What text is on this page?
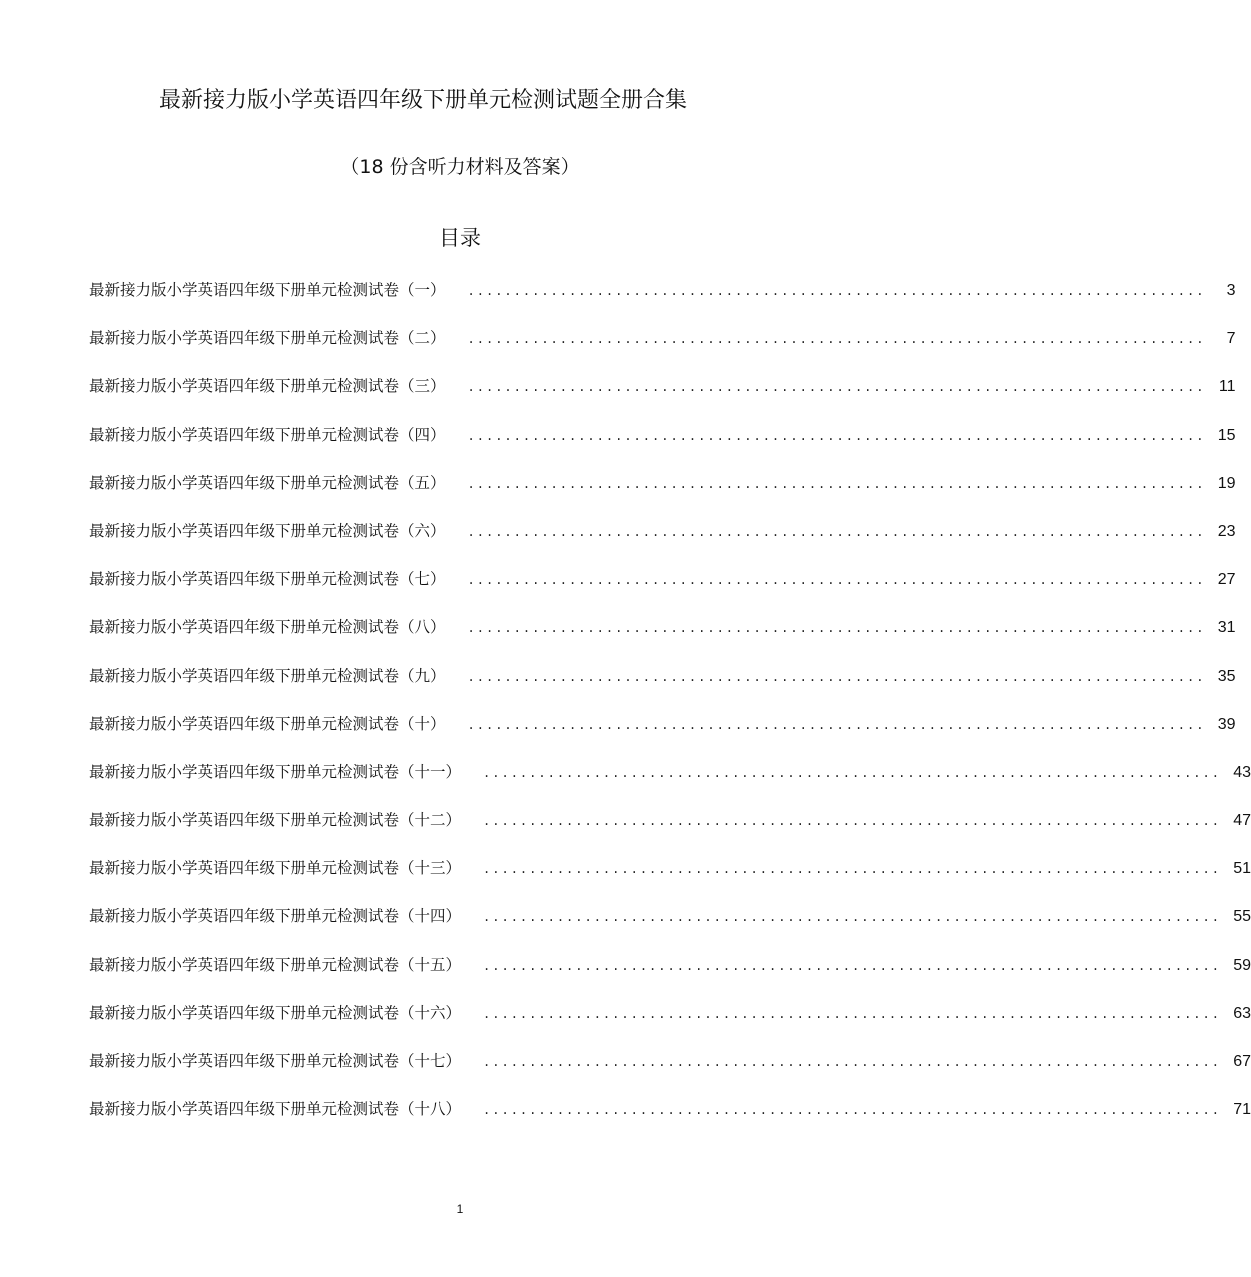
最新接力版小学英语四年级下册单元检测试题全册合集
（18 份含听力材料及答案）
目录
最新接力版小学英语四年级下册单元检测试卷（一） ................................................................................	3
最新接力版小学英语四年级下册单元检测试卷（二） ................................................................................	7
最新接力版小学英语四年级下册单元检测试卷（三） ................................................................................ 11
最新接力版小学英语四年级下册单元检测试卷（四） ................................................................................ 15
最新接力版小学英语四年级下册单元检测试卷（五） ................................................................................ 19
最新接力版小学英语四年级下册单元检测试卷（六） ................................................................................ 23
最新接力版小学英语四年级下册单元检测试卷（七） ................................................................................ 27
最新接力版小学英语四年级下册单元检测试卷（八） ................................................................................ 31
最新接力版小学英语四年级下册单元检测试卷（九） ................................................................................ 35
最新接力版小学英语四年级下册单元检测试卷（十） ................................................................................ 39
最新接力版小学英语四年级下册单元检测试卷（十一） ................................................................................ 43
最新接力版小学英语四年级下册单元检测试卷（十二） ................................................................................ 47
最新接力版小学英语四年级下册单元检测试卷（十三） ................................................................................ 51
最新接力版小学英语四年级下册单元检测试卷（十四） ................................................................................ 55
最新接力版小学英语四年级下册单元检测试卷（十五） ................................................................................ 59
最新接力版小学英语四年级下册单元检测试卷（十六） ................................................................................ 63
最新接力版小学英语四年级下册单元检测试卷（十七） ................................................................................ 67
最新接力版小学英语四年级下册单元检测试卷（十八） ................................................................................ 71
1
